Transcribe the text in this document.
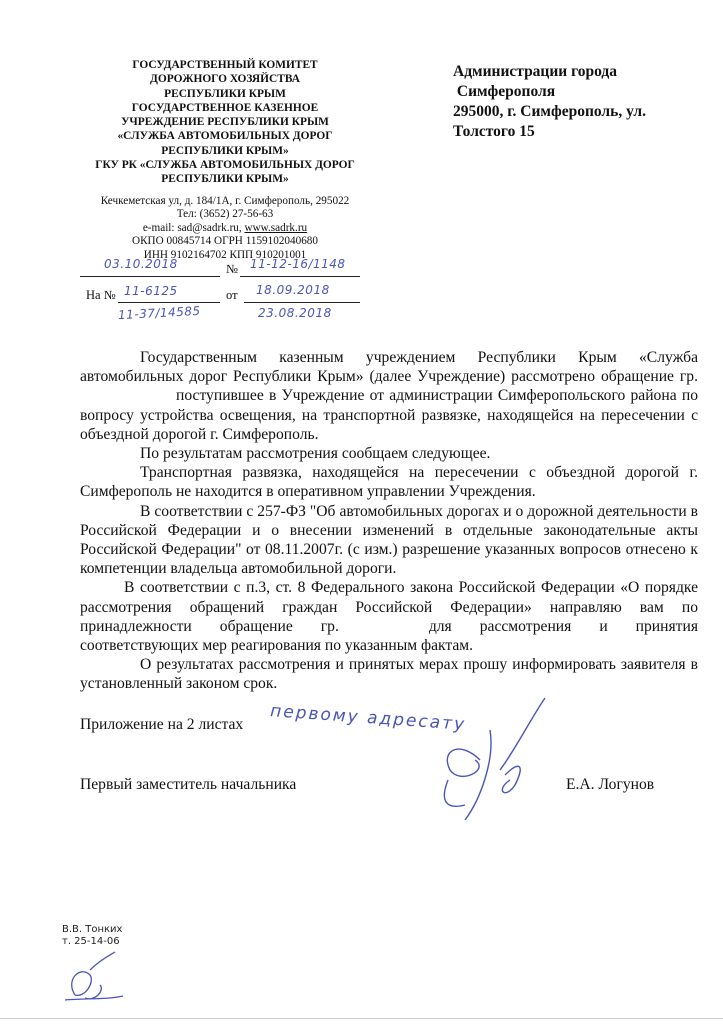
ГОСУДАРСТВЕННЫЙ КОМИТЕТ
ДОРОЖНОГО ХОЗЯЙСТВА
РЕСПУБЛИКИ КРЫМ
ГОСУДАРСТВЕННОЕ КАЗЕННОЕ
УЧРЕЖДЕНИЕ РЕСПУБЛИКИ КРЫМ
«СЛУЖБА АВТОМОБИЛЬНЫХ ДОРОГ
РЕСПУБЛИКИ КРЫМ»
ГКУ РК «СЛУЖБА АВТОМОБИЛЬНЫХ ДОРОГ
РЕСПУБЛИКИ КРЫМ»
Кечкеметская ул, д. 184/1А, г. Симферополь, 295022
Тел: (3652) 27-56-63
e-mail: sad@sadrk.ru, www.sadrk.ru
ОКПО 00845714 ОГРН 1159102040680
ИНН 9102164702 КПП 910201001
Администрации города
Симферополя
295000, г. Симферополь, ул.
Толстого 15
03.10.2018	№ 11-12-16/1148
На № 11-6125	от 18.09.2018
11-37/14585	23.08.2018

Государственным казенным учреждением Республики Крым «Служба автомобильных дорог Республики Крым» (далее Учреждение) рассмотрено обращение гр.поступившее в Учреждение от администрации Симферопольского района по вопросу устройства освещения, на транспортной развязке, находящейся на пересечении с объездной дорогой г. Симферополь.

По результатам рассмотрения сообщаем следующее.

Транспортная развязка, находящейся на пересечении с объездной дорогой г. Симферополь не находится в оперативном управлении Учреждения.

В соответствии с 257-ФЗ "Об автомобильных дорогах и о дорожной деятельности в Российской Федерации и о внесении изменений в отдельные законодательные акты Российской Федерации" от 08.11.2007г. (с изм.) разрешение указанных вопросов отнесено к компетенции владельца автомобильной дороги.

В соответствии с п.3, ст. 8 Федерального закона Российской Федерации «О порядке рассмотрения обращений граждан Российской Федерации» направляю вам по принадлежности обращение гр.	для рассмотрения и принятия соответствующих мер реагирования по указанным фактам.

О результатах рассмотрения и принятых мерах прошу информировать заявителя в установленный законом срок.

Приложение на 2 листах первому адресату
Первый заместитель начальника	Е.А. Логунов
В.В. Тонких
т. 25-14-06
